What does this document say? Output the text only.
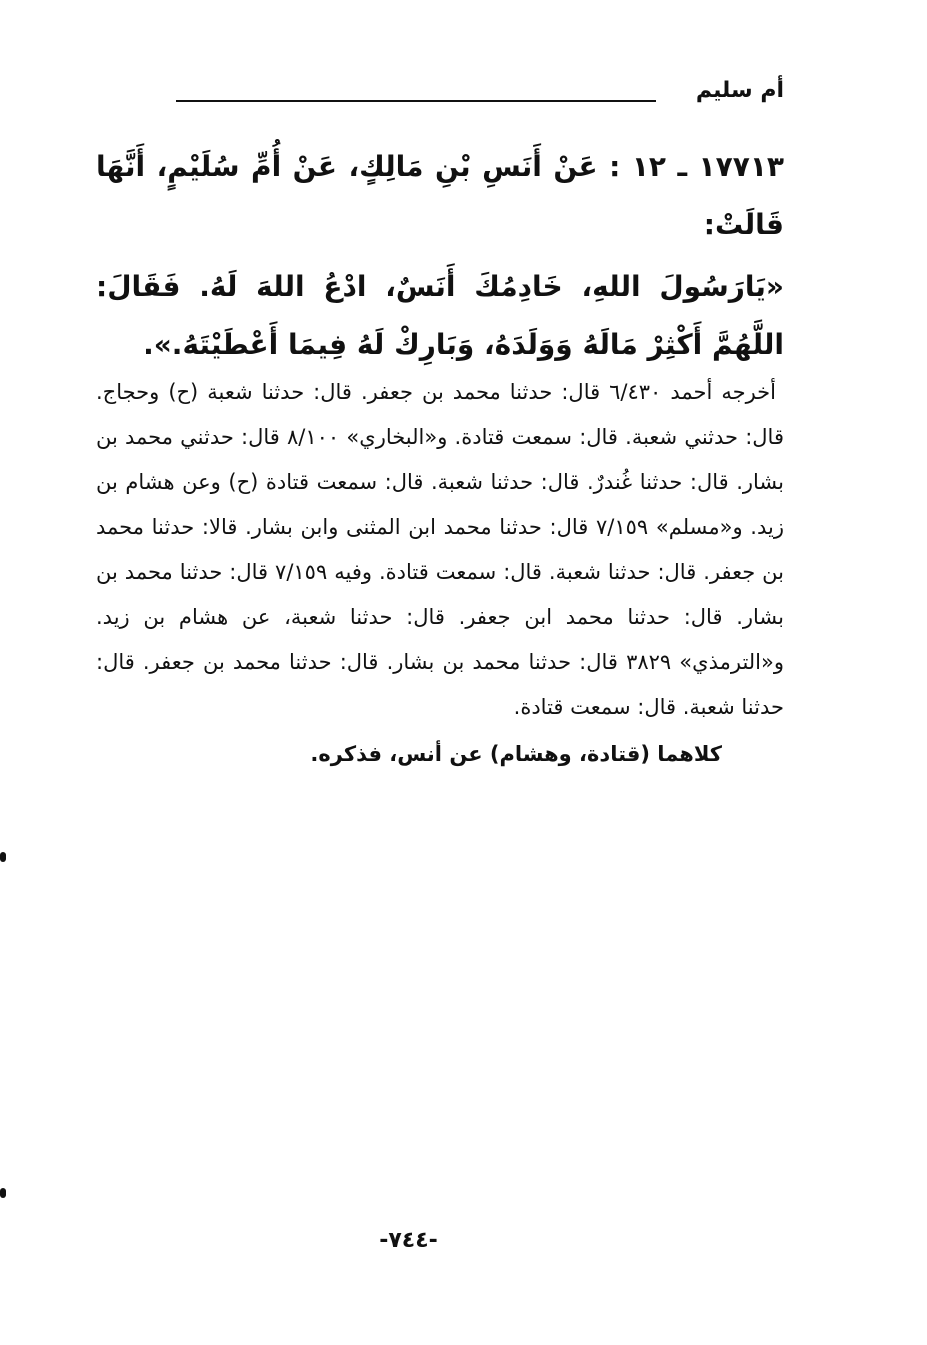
أم سليم

١٧٧١٣ ـ ١٢ : عَنْ أَنَسِ بْنِ مَالِكٍ، عَنْ أُمِّ سُلَيْمٍ، أَنَّهَا قَالَتْ:

«يَارَسُولَ اللهِ، خَادِمُكَ أَنَسٌ، ادْعُ اللهَ لَهُ. فَقَالَ: اللَّهُمَّ أَكْثِرْ مَالَهُ وَوَلَدَهُ، وَبَارِكْ لَهُ فِيمَا أَعْطَيْتَهُ.».

أخرجه أحمد ٦/٤٣٠ قال: حدثنا محمد بن جعفر. قال: حدثنا شعبة (ح) وحجاج. قال: حدثني شعبة. قال: سمعت قتادة. و«البخاري» ٨/١٠٠ قال: حدثني محمد بن بشار. قال: حدثنا غُندرٌ. قال: حدثنا شعبة. قال: سمعت قتادة (ح) وعن هشام بن زيد. و«مسلم» ٧/١٥٩ قال: حدثنا محمد ابن المثنى وابن بشار. قالا: حدثنا محمد بن جعفر. قال: حدثنا شعبة. قال: سمعت قتادة. وفيه ٧/١٥٩ قال: حدثنا محمد بن بشار. قال: حدثنا محمد ابن جعفر. قال: حدثنا شعبة، عن هشام بن زيد. و«الترمذي» ٣٨٢٩ قال: حدثنا محمد بن بشار. قال: حدثنا محمد بن جعفر. قال: حدثنا شعبة. قال: سمعت قتادة.

كلاهما (قتادة، وهشام) عن أنس، فذكره.

-٧٤٤-
